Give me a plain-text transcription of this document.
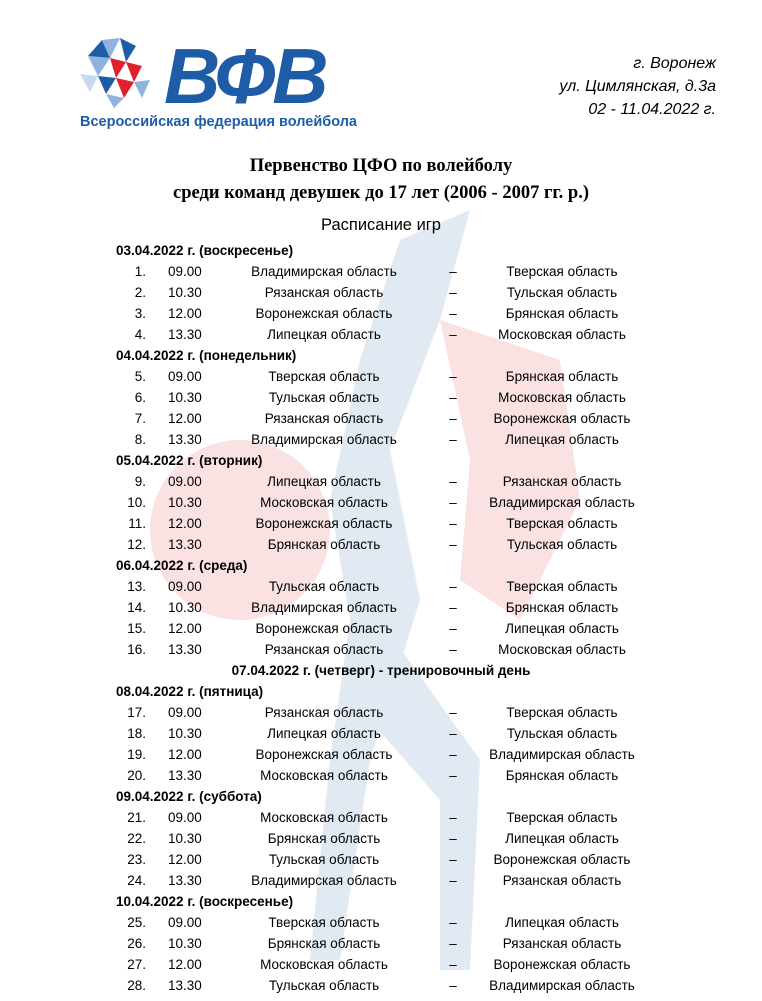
ВФВ
Всероссийская федерация волейбола
г. Воронеж
ул. Цимлянская, д.3а
02 - 11.04.2022 г.
Первенство ЦФО по волейболу
среди команд девушек до 17 лет (2006 - 2007 гг. р.)
Расписание игр
03.04.2022 г. (воскресенье)
1. 09.00	Владимирская область	–	Тверская область
2. 10.30	Рязанская область	–	Тульская область
3. 12.00	Воронежская область	–	Брянская область
4. 13.30	Липецкая область	–	Московская область
04.04.2022 г. (понедельник)
5. 09.00	Тверская область	–	Брянская область
6. 10.30	Тульская область	–	Московская область
7. 12.00	Рязанская область	–	Воронежская область
8. 13.30	Владимирская область	–	Липецкая область
05.04.2022 г. (вторник)
9. 09.00	Липецкая область	–	Рязанская область
10. 10.30	Московская область	–	Владимирская область
11. 12.00	Воронежская область	–	Тверская область
12. 13.30	Брянская область	–	Тульская область
06.04.2022 г. (среда)
13. 09.00	Тульская область	–	Тверская область
14. 10.30	Владимирская область	–	Брянская область
15. 12.00	Воронежская область	–	Липецкая область
16. 13.30	Рязанская область	–	Московская область
07.04.2022 г. (четверг) - тренировочный день
08.04.2022 г. (пятница)
17. 09.00	Рязанская область	–	Тверская область
18. 10.30	Липецкая область	–	Тульская область
19. 12.00	Воронежская область	–	Владимирская область
20. 13.30	Московская область	–	Брянская область
09.04.2022 г. (суббота)
21. 09.00	Московская область	–	Тверская область
22. 10.30	Брянская область	–	Липецкая область
23. 12.00	Тульская область	–	Воронежская область
24. 13.30	Владимирская область	–	Рязанская область
10.04.2022 г. (воскресенье)
25. 09.00	Тверская область	–	Липецкая область
26. 10.30	Брянская область	–	Рязанская область
27. 12.00	Московская область	–	Воронежская область
28. 13.30	Тульская область	–	Владимирская область
